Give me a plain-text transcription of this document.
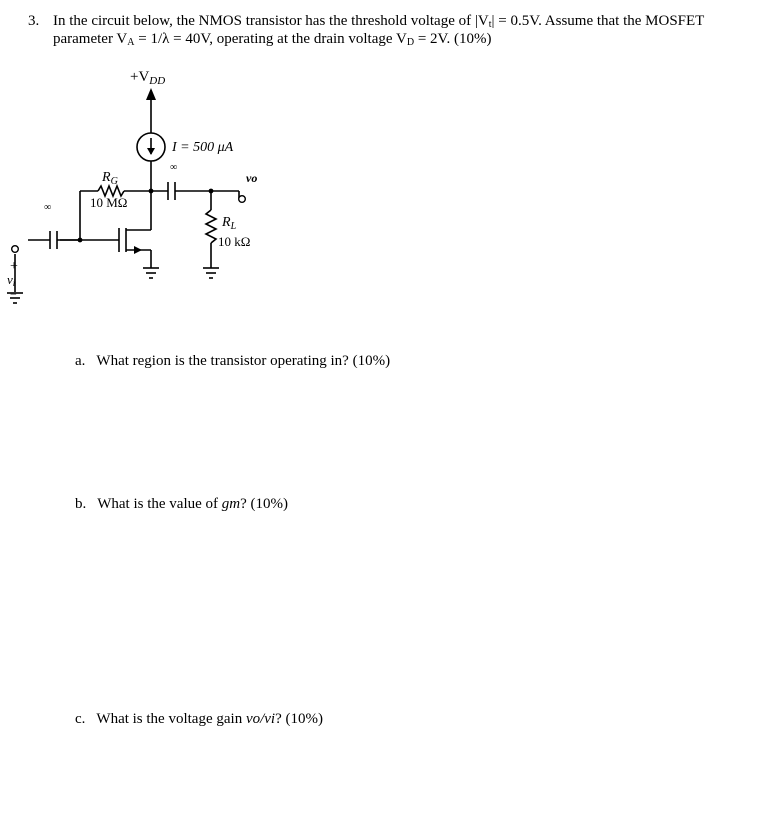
3. In the circuit below, the NMOS transistor has the threshold voltage of $|V_t| = 0.5V$. Assume that the MOSFET
parameter $V_A = 1/\lambda = 40V$, operating at the drain voltage $V_D = 2V$. (10%)
$+V_{DD}$
I = 500 μA
∞
∞
$R_G$
10 MΩ
$R_L$
10 kΩ
vo
+
vi
−
a. What region is the transistor operating in? (10%)
b. What is the value of gm? (10%)
c. What is the voltage gain vo/vi? (10%)
